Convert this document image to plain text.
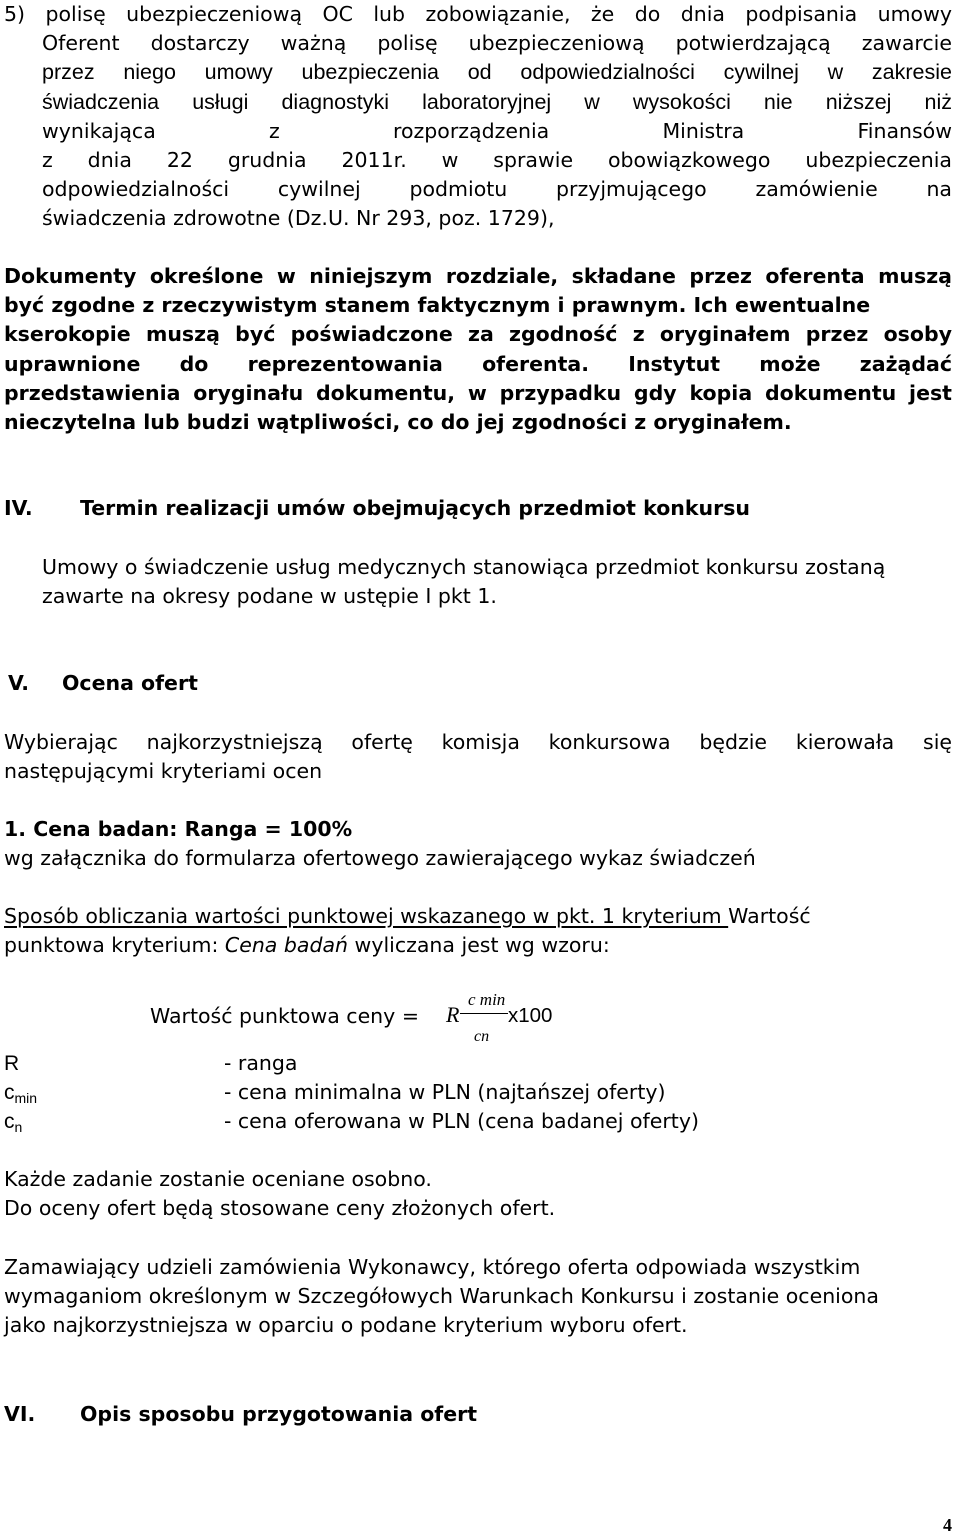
5) polisę ubezpieczeniową OC lub zobowiązanie, że do dnia podpisania umowy
Oferent dostarczy ważną polisę ubezpieczeniową potwierdzającą zawarcie
przez niego umowy ubezpieczenia od odpowiedzialności cywilnej w zakresie
świadczenia usługi diagnostyki laboratoryjnej w wysokości nie niższej niż
wynikająca z rozporządzenia Ministra Finansów
z dnia 22 grudnia 2011r. w sprawie obowiązkowego ubezpieczenia
odpowiedzialności cywilnej podmiotu przyjmującego zamówienie na
świadczenia zdrowotne (Dz.U. Nr 293, poz. 1729),
Dokumenty określone w niniejszym rozdziale, składane przez oferenta muszą
być zgodne z rzeczywistym stanem faktycznym i prawnym. Ich ewentualne
kserokopie muszą być poświadczone za zgodność z oryginałem przez osoby
uprawnione do reprezentowania oferenta. Instytut może zażądać
przedstawienia oryginału dokumentu, w przypadku gdy kopia dokumentu jest
nieczytelna lub budzi wątpliwości, co do jej zgodności z oryginałem.
IV. Termin realizacji umów obejmujących przedmiot konkursu
Umowy o świadczenie usług medycznych stanowiąca przedmiot konkursu zostaną
zawarte na okresy podane w ustępie I pkt 1.
V. Ocena ofert
Wybierając najkorzystniejszą ofertę komisja konkursowa będzie kierowała się
następującymi kryteriami ocen
1. Cena badan: Ranga = 100%
wg załącznika do formularza ofertowego zawierającego wykaz świadczeń
Sposób obliczania wartości punktowej wskazanego w pkt. 1 kryterium Wartość
punktowa kryterium: Cena badań wyliczana jest wg wzoru:
Wartość punktowa ceny = R
c min
cn
x100
R	- ranga
$c_{min}$	- cena minimalna w PLN (najtańszej oferty)
$c_n$	- cena oferowana w PLN (cena badanej oferty)
Każde zadanie zostanie oceniane osobno.
Do oceny ofert będą stosowane ceny złożonych ofert.
Zamawiający udzieli zamówienia Wykonawcy, którego oferta odpowiada wszystkim
wymaganiom określonym w Szczegółowych Warunkach Konkursu i zostanie oceniona
jako najkorzystniejsza w oparciu o podane kryterium wyboru ofert.
VI. Opis sposobu przygotowania ofert
4
